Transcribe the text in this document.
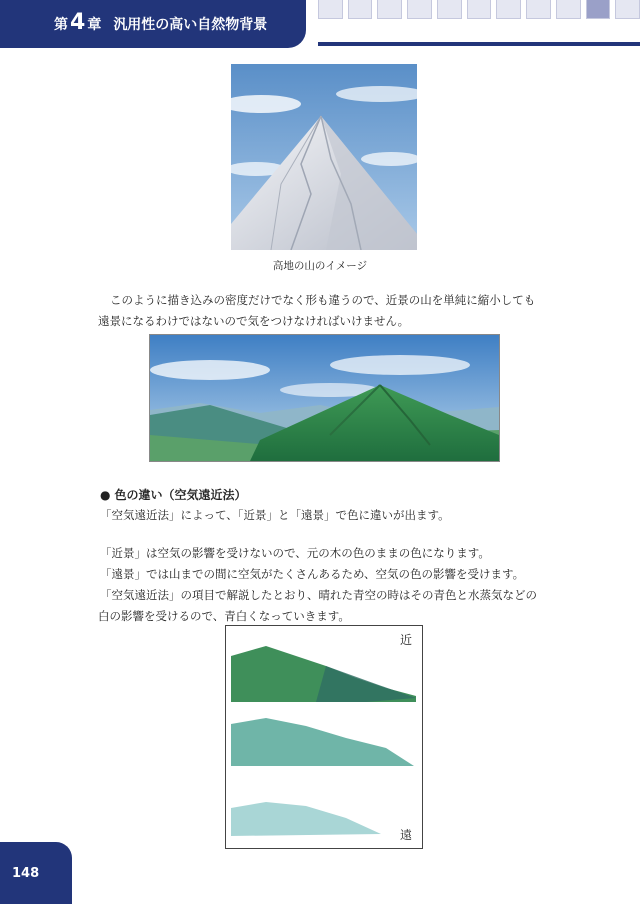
第 4 章 汎用性の高い自然物背景
高地の山のイメージ
このように描き込みの密度だけでなく形も違うので、近景の山を単純に縮小しても
遠景になるわけではないので気をつけなければいけません。
● 色の違い（空気遠近法）
「空気遠近法」によって、「近景」と「遠景」で色に違いが出ます。
「近景」は空気の影響を受けないので、元の木の色のままの色になります。
「遠景」では山までの間に空気がたくさんあるため、空気の色の影響を受けます。
「空気遠近法」の項目で解説したとおり、晴れた青空の時はその青色と水蒸気などの
白の影響を受けるので、青白くなっていきます。
近
遠
148
